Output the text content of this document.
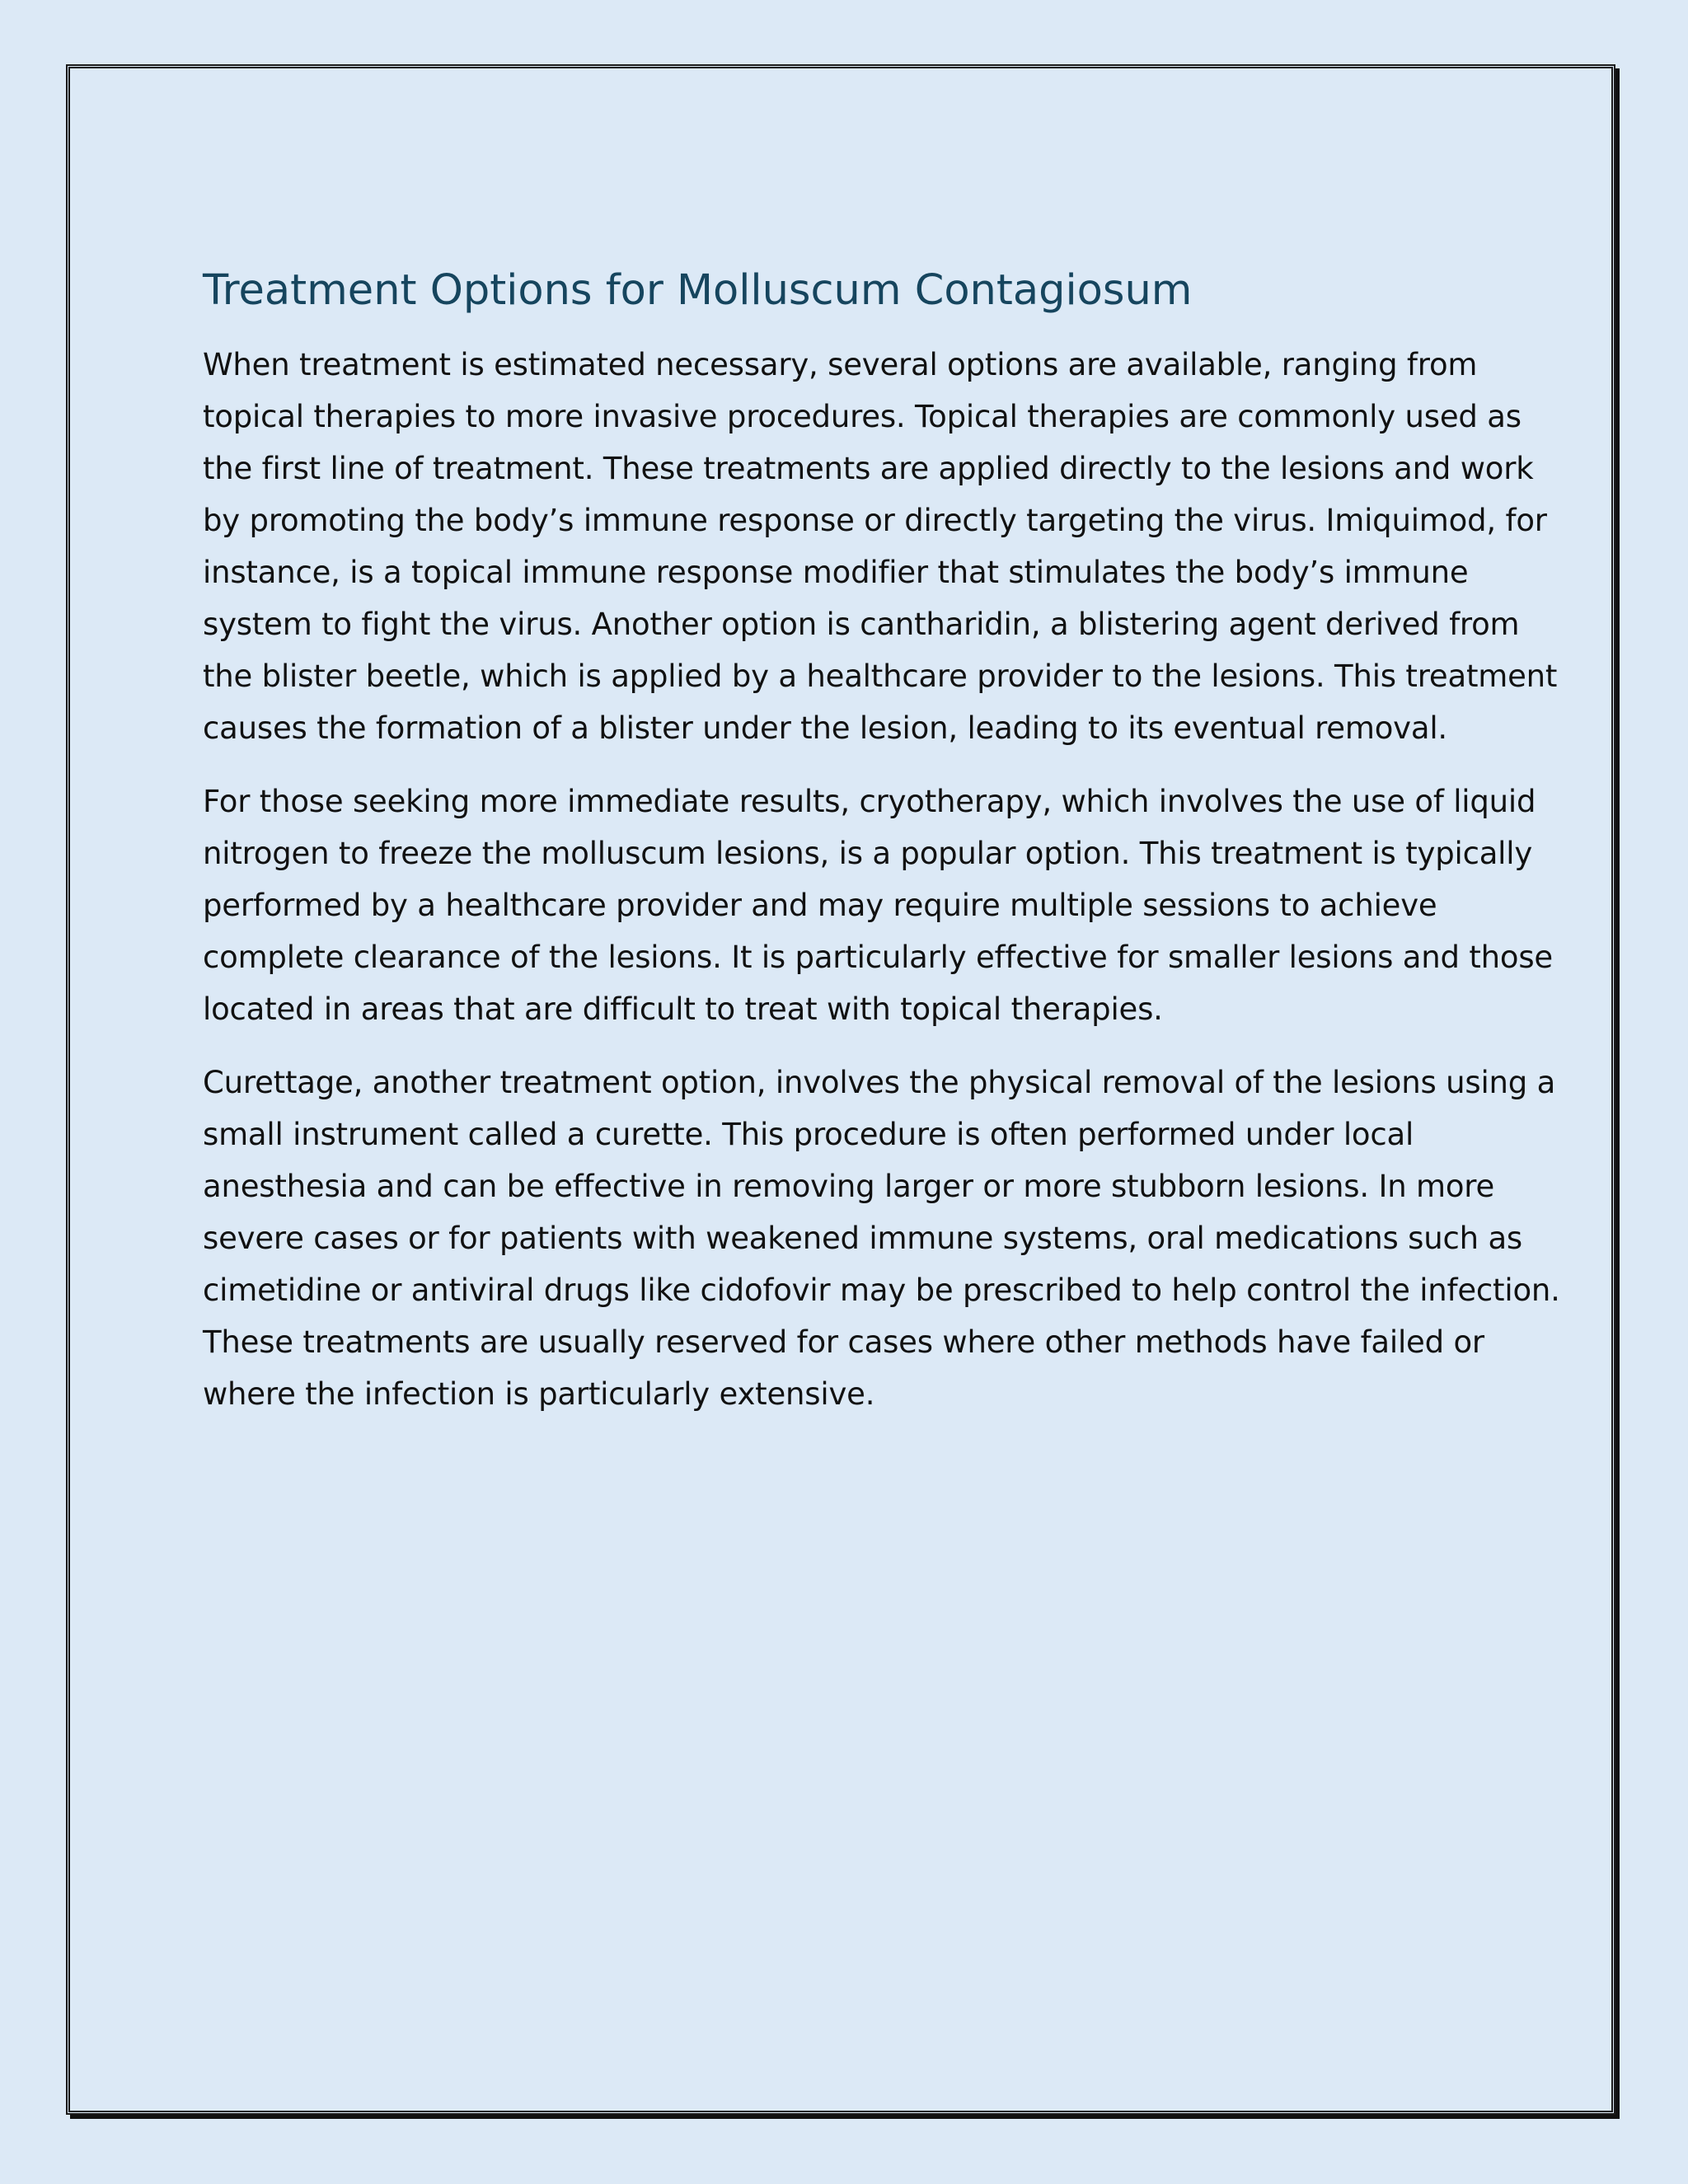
Treatment Options for Molluscum Contagiosum

When treatment is estimated necessary, several options are available, ranging from topical therapies to more invasive procedures. Topical therapies are commonly used as the first line of treatment. These treatments are applied directly to the lesions and work by promoting the body’s immune response or directly targeting the virus. Imiquimod, for instance, is a topical immune response modifier that stimulates the body’s immune system to fight the virus. Another option is cantharidin, a blistering agent derived from the blister beetle, which is applied by a healthcare provider to the lesions. This treatment causes the formation of a blister under the lesion, leading to its eventual removal.

For those seeking more immediate results, cryotherapy, which involves the use of liquid nitrogen to freeze the molluscum lesions, is a popular option. This treatment is typically performed by a healthcare provider and may require multiple sessions to achieve complete clearance of the lesions. It is particularly effective for smaller lesions and those located in areas that are difficult to treat with topical therapies.

Curettage, another treatment option, involves the physical removal of the lesions using a small instrument called a curette. This procedure is often performed under local anesthesia and can be effective in removing larger or more stubborn lesions. In more severe cases or for patients with weakened immune systems, oral medications such as cimetidine or antiviral drugs like cidofovir may be prescribed to help control the infection. These treatments are usually reserved for cases where other methods have failed or where the infection is particularly extensive.
